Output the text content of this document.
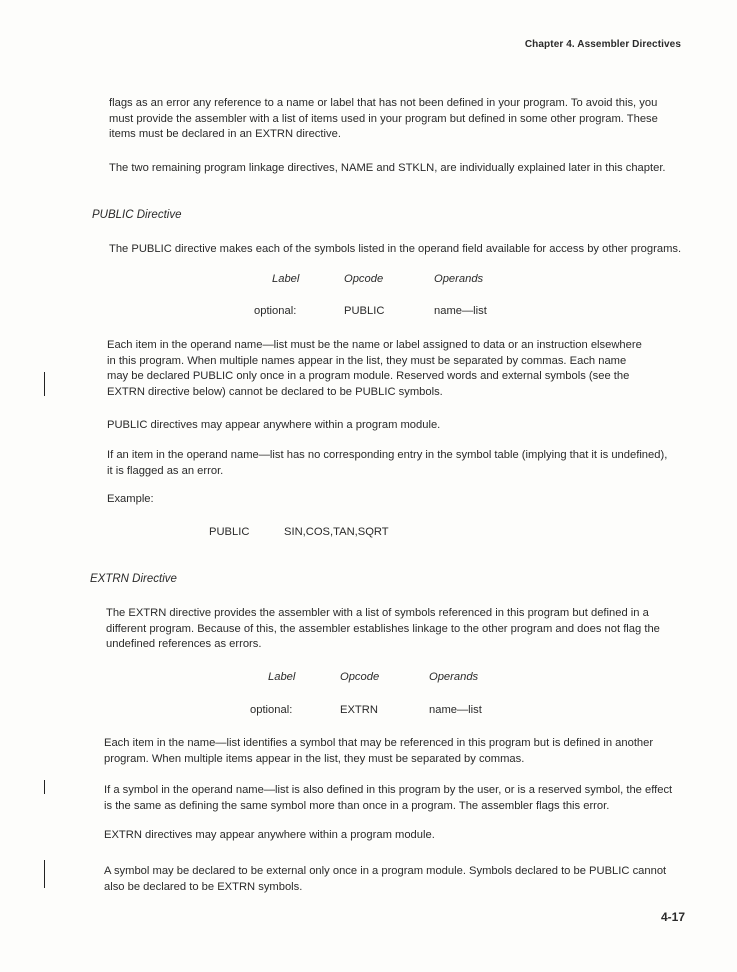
Chapter 4. Assembler Directives

flags as an error any reference to a name or label that has not been defined in your program. To avoid this, you must provide the assembler with a list of items used in your program but defined in some other program. These items must be declared in an EXTRN directive.

The two remaining program linkage directives, NAME and STKLN, are individually explained later in this chapter.

PUBLIC Directive

The PUBLIC directive makes each of the symbols listed in the operand field available for access by other programs.

Label	Opcode	Operands
optional:	PUBLIC	name—list

Each item in the operand name—list must be the name or label assigned to data or an instruction elsewhere in this program. When multiple names appear in the list, they must be separated by commas. Each name may be declared PUBLIC only once in a program module. Reserved words and external symbols (see the EXTRN directive below) cannot be declared to be PUBLIC symbols.

PUBLIC directives may appear anywhere within a program module.

If an item in the operand name—list has no corresponding entry in the symbol table (implying that it is undefined), it is flagged as an error.

Example:

PUBLIC	SIN,COS,TAN,SQRT

EXTRN Directive

The EXTRN directive provides the assembler with a list of symbols referenced in this program but defined in a different program. Because of this, the assembler establishes linkage to the other program and does not flag the undefined references as errors.

Label	Opcode	Operands
optional:	EXTRN	name—list

Each item in the name—list identifies a symbol that may be referenced in this program but is defined in another program. When multiple items appear in the list, they must be separated by commas.

If a symbol in the operand name—list is also defined in this program by the user, or is a reserved symbol, the effect is the same as defining the same symbol more than once in a program. The assembler flags this error.

EXTRN directives may appear anywhere within a program module.

A symbol may be declared to be external only once in a program module. Symbols declared to be PUBLIC cannot also be declared to be EXTRN symbols.

4-17
